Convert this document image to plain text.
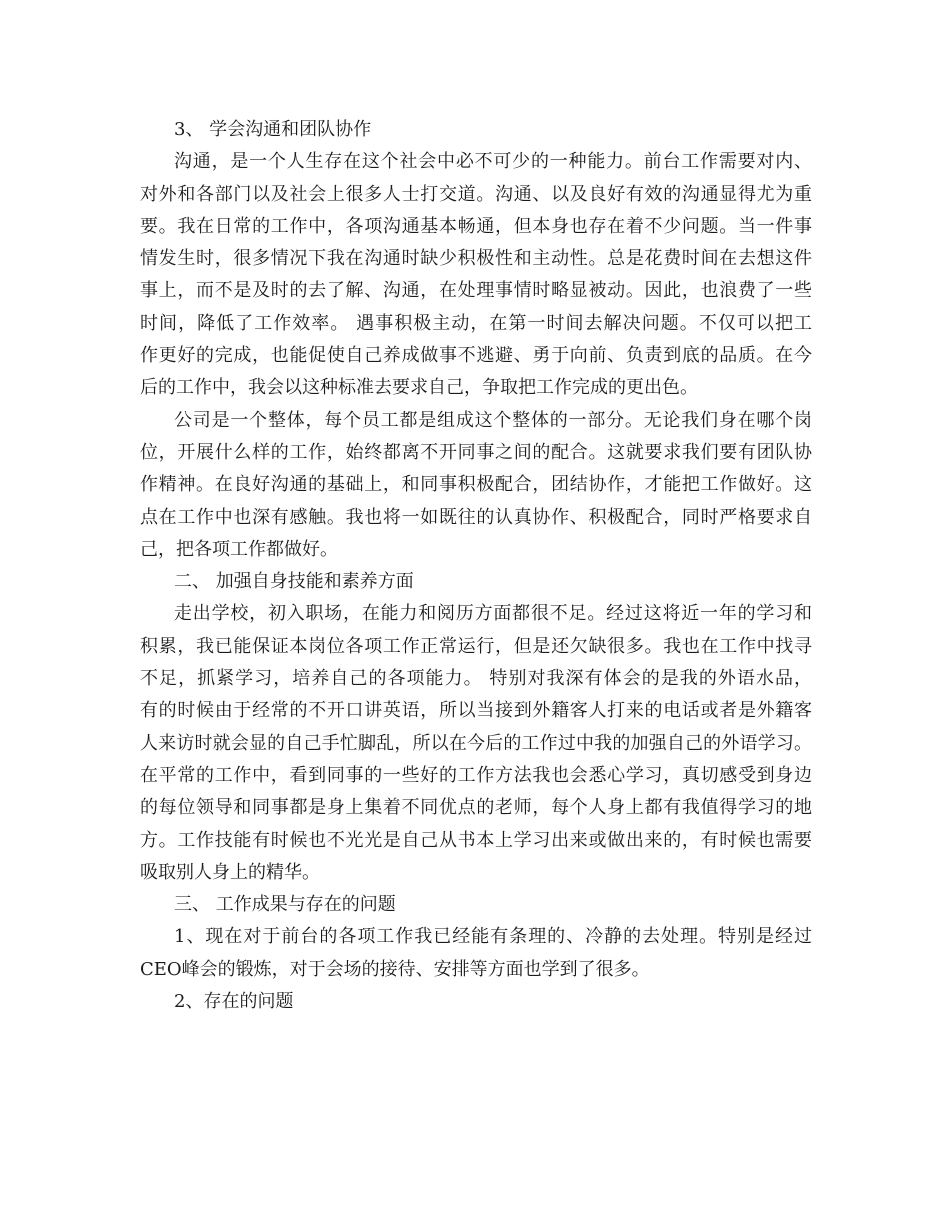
3、 学会沟通和团队协作
沟通，是一个人生存在这个社会中必不可少的一种能力。前台工作需要对内、
对外和各部门以及社会上很多人士打交道。沟通、以及良好有效的沟通显得尤为重
要。我在日常的工作中，各项沟通基本畅通，但本身也存在着不少问题。当一件事
情发生时，很多情况下我在沟通时缺少积极性和主动性。总是花费时间在去想这件
事上，而不是及时的去了解、沟通，在处理事情时略显被动。因此，也浪费了一些
时间，降低了工作效率。 遇事积极主动，在第一时间去解决问题。不仅可以把工
作更好的完成，也能促使自己养成做事不逃避、勇于向前、负责到底的品质。在今
后的工作中，我会以这种标准去要求自己，争取把工作完成的更出色。
公司是一个整体，每个员工都是组成这个整体的一部分。无论我们身在哪个岗
位，开展什么样的工作，始终都离不开同事之间的配合。这就要求我们要有团队协
作精神。在良好沟通的基础上，和同事积极配合，团结协作，才能把工作做好。这
点在工作中也深有感触。我也将一如既往的认真协作、积极配合，同时严格要求自
己，把各项工作都做好。
二、 加强自身技能和素养方面
走出学校，初入职场，在能力和阅历方面都很不足。经过这将近一年的学习和
积累，我已能保证本岗位各项工作正常运行，但是还欠缺很多。我也在工作中找寻
不足，抓紧学习，培养自己的各项能力。 特别对我深有体会的是我的外语水品，
有的时候由于经常的不开口讲英语，所以当接到外籍客人打来的电话或者是外籍客
人来访时就会显的自己手忙脚乱，所以在今后的工作过中我的加强自己的外语学习。
在平常的工作中，看到同事的一些好的工作方法我也会悉心学习，真切感受到身边
的每位领导和同事都是身上集着不同优点的老师，每个人身上都有我值得学习的地
方。工作技能有时候也不光光是自己从书本上学习出来或做出来的，有时候也需要
吸取别人身上的精华。
三、 工作成果与存在的问题
1、现在对于前台的各项工作我已经能有条理的、冷静的去处理。特别是经过
CEO峰会的锻炼，对于会场的接待、安排等方面也学到了很多。
2、存在的问题
